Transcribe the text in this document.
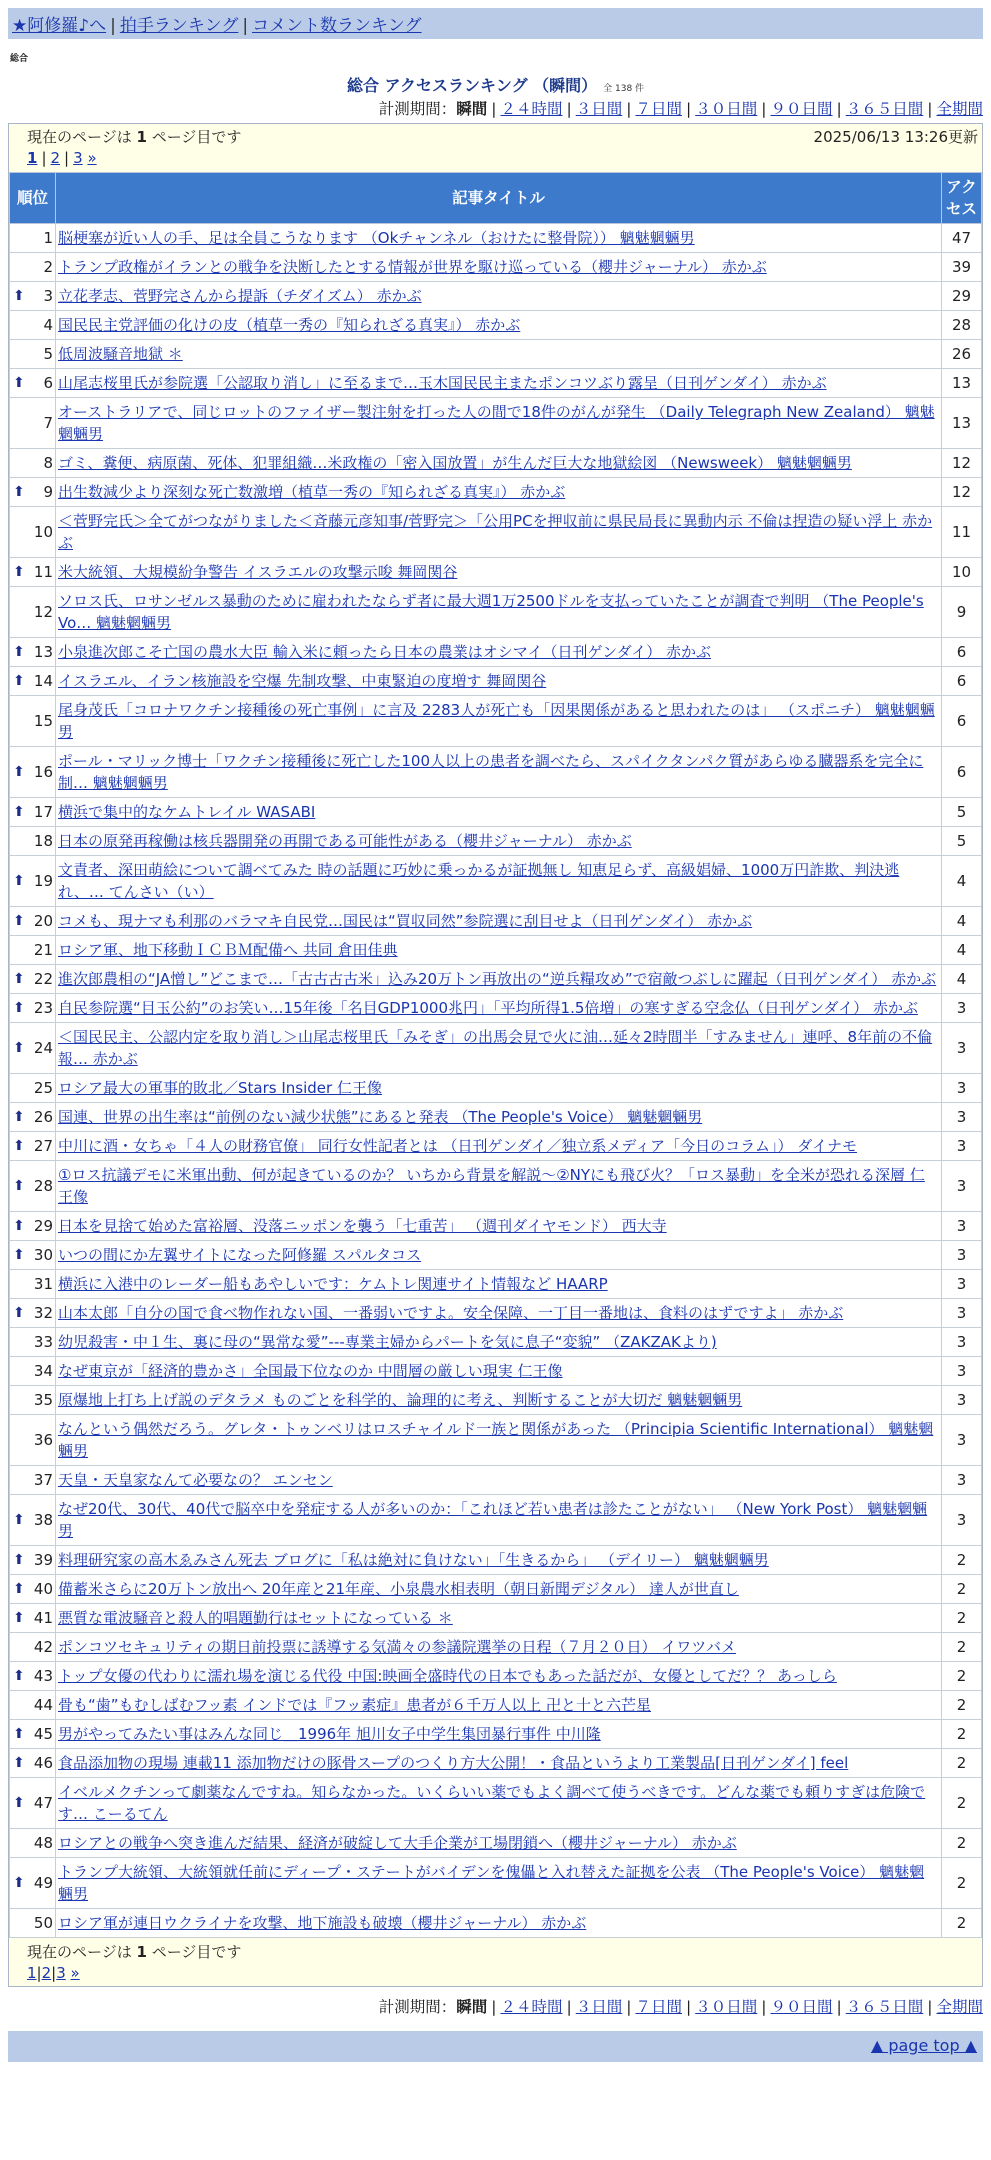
★阿修羅♪へ | 拍手ランキング | コメント数ランキング
総合
総合 アクセスランキング （瞬間） 全 138 件
計測期間：瞬間 | ２４時間 | ３日間 | ７日間 | ３０日間 | ９０日間 | ３６５日間 | 全期間
現在のページは 1 ページ目です	2025/06/13 13:26更新
1 | 2 | 3 »
順位	記事タイトル	アクセス
1	脳梗塞が近い人の手、足は全員こうなります （Okチャンネル（おけたに整骨院）） 魑魅魍魎男	47
2	トランプ政権がイランとの戦争を決断したとする情報が世界を駆け巡っている（櫻井ジャーナル） 赤かぶ	39

⬆ 3	立花孝志、菅野完さんから提訴（チダイズム） 赤かぶ	29
4	国民民主党評価の化けの皮（植草一秀の『知られざる真実』） 赤かぶ	28
5	低周波騒音地獄 ＊	26

⬆ 6	山尾志桜里氏が参院選「公認取り消し」に至るまで…玉木国民民主またポンコツぶり露呈（日刊ゲンダイ） 赤かぶ	13
7	オーストラリアで、同じロットのファイザー製注射を打った人の間で18件のがんが発生 （Daily Telegraph New Zealand） 魑魅魍魎男	13
8	ゴミ、糞便、病原菌、死体、犯罪組織…米政権の「密入国放置」が生んだ巨大な地獄絵図 （Newsweek） 魑魅魍魎男	12

⬆ 9	出生数減少より深刻な死亡数激増（植草一秀の『知られざる真実』） 赤かぶ	12
10	＜菅野完氏＞全てがつながりました＜斉藤元彦知事/菅野完＞「公用PCを押収前に県民局長に異動内示 不倫は捏造の疑い浮上 赤かぶ	11

⬆ 11	米大統領、大規模紛争警告 イスラエルの攻撃示唆 舞岡関谷	10
12	ソロス氏、ロサンゼルス暴動のために雇われたならず者に最大週1万2500ドルを支払っていたことが調査で判明 （The People's Vo… 魑魅魍魎男	9

⬆ 13	小泉進次郎こそ亡国の農水大臣 輸入米に頼ったら日本の農業はオシマイ（日刊ゲンダイ） 赤かぶ	6

⬆ 14	イスラエル、イラン核施設を空爆 先制攻撃、中東緊迫の度増す 舞岡関谷	6
15	尾身茂氏「コロナワクチン接種後の死亡事例」に言及 2283人が死亡も「因果関係があると思われたのは」 （スポニチ） 魑魅魍魎男	6

⬆ 16	ポール・マリック博士「ワクチン接種後に死亡した100人以上の患者を調べたら、スパイクタンパク質があらゆる臓器系を完全に制… 魑魅魍魎男	6

⬆ 17	横浜で集中的なケムトレイル WASABI	5
18	日本の原発再稼働は核兵器開発の再開である可能性がある（櫻井ジャーナル） 赤かぶ	5

⬆ 19	文責者、深田萌絵について調べてみた 時の話題に巧妙に乗っかるが証拠無し 知恵足らず、高級娼婦、1000万円詐欺、判決逃れ、… てんさい（い）	4

⬆ 20	コメも、現ナマも利那のバラマキ自民党…国民は“買収同然”参院選に刮目せよ（日刊ゲンダイ） 赤かぶ	4
21	ロシア軍、地下移動ＩＣＢＭ配備へ 共同 倉田佳典	4

⬆ 22	進次郎農相の“JA憎し”どこまで…「古古古古米」込み20万トン再放出の“逆兵糧攻め”で宿敵つぶしに躍起（日刊ゲンダイ） 赤かぶ	4

⬆ 23	自民参院選“目玉公約”のお笑い…15年後「名目GDP1000兆円」「平均所得1.5倍増」の寒すぎる空念仏（日刊ゲンダイ） 赤かぶ	3

⬆ 24	＜国民民主、公認内定を取り消し＞山尾志桜里氏「みそぎ」の出馬会見で火に油…延々2時間半「すみません」連呼、8年前の不倫報… 赤かぶ	3
25	ロシア最大の軍事的敗北／Stars Insider 仁王像	3

⬆ 26	国連、世界の出生率は“前例のない減少状態”にあると発表 （The People's Voice） 魑魅魍魎男	3

⬆ 27	中川に酒・女ちゃ「４人の財務官僚」 同行女性記者とは （日刊ゲンダイ／独立系メディア「今日のコラム」） ダイナモ	3

⬆ 28	①ロス抗議デモに米軍出動、何が起きているのか？ いちから背景を解説～②NYにも飛び火？「ロス暴動」を全米が恐れる深層 仁王像	3

⬆ 29	日本を見捨て始めた富裕層、没落ニッポンを襲う「七重苦」 （週刊ダイヤモンド） 西大寺	3

⬆ 30	いつの間にか左翼サイトになった阿修羅 スパルタコス	3
31	横浜に入港中のレーダー船もあやしいです：ケムトレ関連サイト情報など HAARP	3

⬆ 32	山本太郎「自分の国で食べ物作れない国、一番弱いですよ。安全保障、一丁目一番地は、食料のはずですよ」 赤かぶ	3
33	幼児殺害・中１生、裏に母の“異常な愛”---専業主婦からパートを気に息子“変貌” （ZAKZAKより)	3
34	なぜ東京が「経済的豊かさ」全国最下位なのか 中間層の厳しい現実 仁王像	3
35	原爆地上打ち上げ説のデタラメ ものごとを科学的、論理的に考え、判断することが大切だ 魑魅魍魎男	3
36	なんという偶然だろう。グレタ・トゥンベリはロスチャイルド一族と関係があった （Principia Scientific International） 魑魅魍魎男	3
37	天皇・天皇家なんて必要なの？ エンセン	3

⬆ 38	なぜ20代、30代、40代で脳卒中を発症する人が多いのか：「これほど若い患者は診たことがない」 （New York Post） 魑魅魍魎男	3

⬆ 39	料理研究家の高木ゑみさん死去 ブログに「私は絶対に負けない」「生きるから」 （デイリー） 魑魅魍魎男	2

⬆ 40	備蓄米さらに20万トン放出へ 20年産と21年産、小泉農水相表明（朝日新聞デジタル） 達人が世直し	2

⬆ 41	悪質な電波騒音と殺人的唱題勤行はセットになっている ＊	2
42	ポンコツセキュリティの期日前投票に誘導する気満々の参議院選挙の日程（７月２０日） イワツバメ	2

⬆ 43	トップ女優の代わりに濡れ場を演じる代役 中国:映画全盛時代の日本でもあった話だが、女優としてだ？？ あっしら	2
44	骨も“歯”もむしばむフッ素 インドでは『フッ素症』患者が６千万人以上 卍と十と六芒星	2

⬆ 45	男がやってみたい事はみんな同じ＿1996年 旭川女子中学生集団暴行事件 中川隆	2

⬆ 46	食品添加物の現場 連載11 添加物だけの豚骨スープのつくり方大公開！・食品というより工業製品[日刊ゲンダイ] feel	2

⬆ 47	イベルメクチンって劇薬なんですね。知らなかった。いくらいい薬でもよく調べて使うべきです。どんな薬でも頼りすぎは危険です… こーるてん	2
48	ロシアとの戦争へ突き進んだ結果、経済が破綻して大手企業が工場閉鎖へ（櫻井ジャーナル） 赤かぶ	2

⬆ 49	トランプ大統領、大統領就任前にディープ・ステートがバイデンを傀儡と入れ替えた証拠を公表 （The People's Voice） 魑魅魍魎男	2
50	ロシア軍が連日ウクライナを攻撃、地下施設も破壊（櫻井ジャーナル） 赤かぶ	2
現在のページは 1 ページ目です
1|2|3 »
計測期間：瞬間 | ２４時間 | ３日間 | ７日間 | ３０日間 | ９０日間 | ３６５日間 | 全期間
▲ page top ▲
